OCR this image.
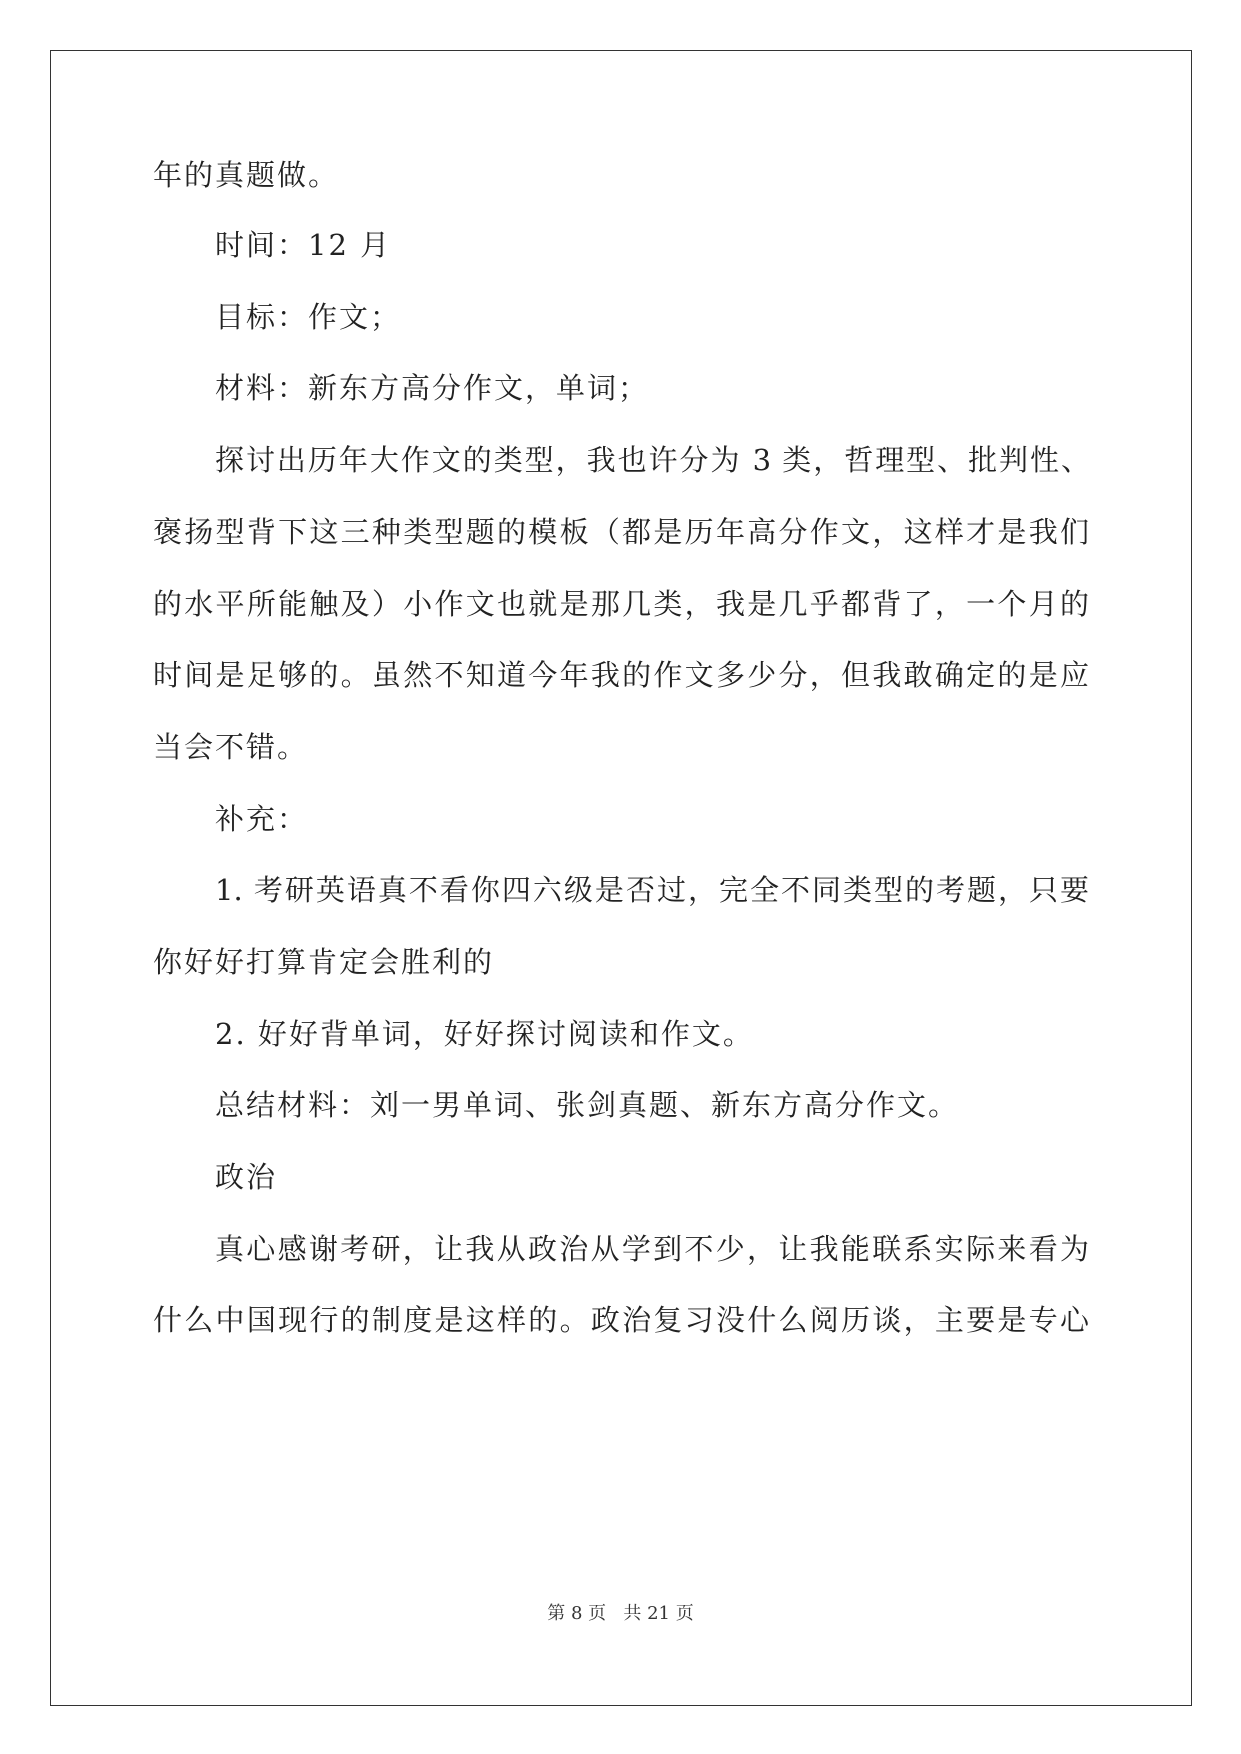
年的真题做。
时间：12 月
目标：作文；
材料：新东方高分作文，单词；
探讨出历年大作文的类型，我也许分为 3 类，哲理型、批判性、
褒扬型背下这三种类型题的模板（都是历年高分作文，这样才是我们
的水平所能触及）小作文也就是那几类，我是几乎都背了，一个月的
时间是足够的。虽然不知道今年我的作文多少分，但我敢确定的是应
当会不错。
补充：
1. 考研英语真不看你四六级是否过，完全不同类型的考题，只要
你好好打算肯定会胜利的
2. 好好背单词，好好探讨阅读和作文。
总结材料：刘一男单词、张剑真题、新东方高分作文。
政治
真心感谢考研，让我从政治从学到不少，让我能联系实际来看为
什么中国现行的制度是这样的。政治复习没什么阅历谈，主要是专心
第 8 页 共 21 页
